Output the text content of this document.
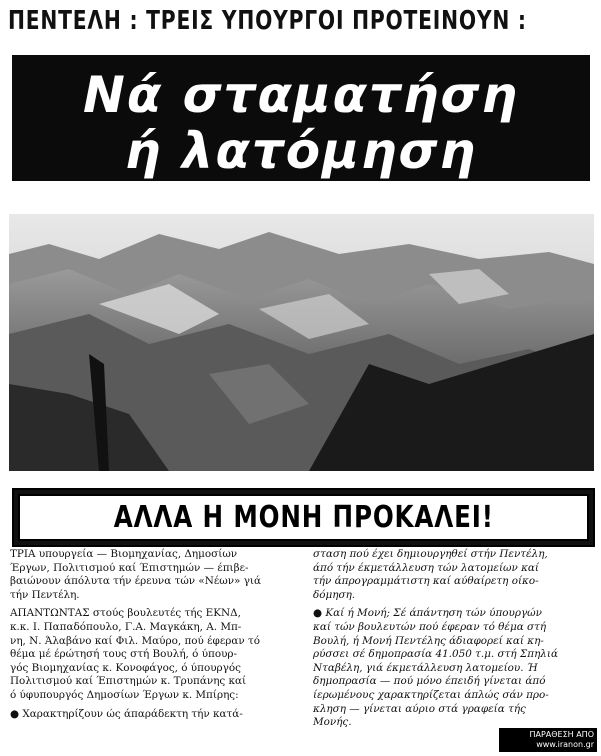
ΠΕΝΤΕΛΗ : ΤΡΕΙΣ ΥΠΟΥΡΓΟΙ ΠΡΟΤΕΙΝΟΥΝ :
Νά σταματήση
ή λατόμηση
ΑΛΛΑ Η ΜΟΝΗ ΠΡΟΚΑΛΕΙ!

ΤΡΙΑ υπουργεία — Βιομηχανίας, Δημοσίων
Έργων, Πολιτισμού καί Έπιστημών — έπιβε-
βαιώνουν άπόλυτα τήν έρευνα τών «Νέων» γιά
τήν Πεντέλη.

ΑΠΑΝΤΩΝΤΑΣ στούς βουλευτές τής ΕΚΝΔ,
κ.κ. Ι. Παπαδόπουλο, Γ.Α. Μαγκάκη, Α. Μπ-
νη, Ν. Άλαβάνο καί Φιλ. Μαύρο, πού έφεραν τό
θέμα μέ έρώτησή τους στή Βουλή, ό ύπουρ-
γός Βιομηχανίας κ. Κονοφάγος, ό ύπουργός
Πολιτισμού καί Έπιστημών κ. Τρυπάνης καί
ό ύφυπουργός Δημοσίων Έργων κ. Μπίρης:

● Χαρακτηρίζουν ώς άπαράδεκτη τήν κατά-

σταση πού έχει δημιουργηθεί στήν Πεντέλη,
άπό τήν έκμετάλλευση τών λατομείων καί
τήν άπρογραμμάτιστη καί αύθαίρετη οίκο-
δόμηση.

● Καί ή Μονή; Σέ άπάντηση τών ύπουργών
καί τών βουλευτών πού έφεραν τό θέμα στή
Βουλή, ή Μονή Πεντέλης άδιαφορεί καί κη-
ρύσσει σέ δημοπρασία 41.050 τ.μ. στή Σπηλιά
Νταβέλη, γιά έκμετάλλευση λατομείου. Ή
δημοπρασία — πού μόνο έπειδή γίνεται άπό
ίερωμένους χαρακτηρίζεται άπλώς σάν προ-
κληση — γίνεται αύριο στά γραφεία τής
Μονής.

ΠΑΡΑΘΕΣΗ ΑΠΟ
www.iranon.gr
